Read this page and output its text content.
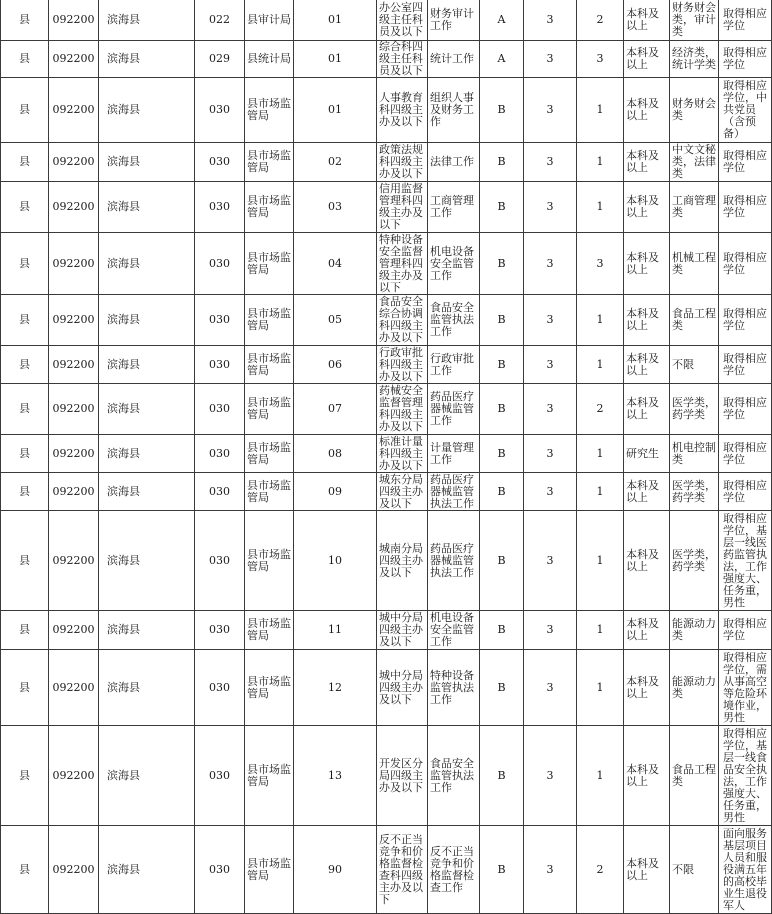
县	092200	滨海县	022	县审计局	01	办公室四级主任科员及以下	财务审计工作	A	3	2	本科及以上	财务财会类，审计类	取得相应学位
县	092200	滨海县	029	县统计局	01	综合科四级主任科员及以下	统计工作	A	3	3	本科及以上	经济类，统计学类	取得相应学位
县	092200	滨海县	030	县市场监管局	01	人事教育科四级主办及以下	组织人事及财务工作	B	3	1	本科及以上	财务财会类	取得相应学位，中共党员（含预备）
县	092200	滨海县	030	县市场监管局	02	政策法规科四级主办及以下	法律工作	B	3	1	本科及以上	中文文秘类，法律类	取得相应学位
县	092200	滨海县	030	县市场监管局	03	信用监督管理科四级主办及以下	工商管理工作	B	3	1	本科及以上	工商管理类	取得相应学位
县	092200	滨海县	030	县市场监管局	04	特种设备安全监督管理科四级主办及以下	机电设备安全监管工作	B	3	3	本科及以上	机械工程类	取得相应学位
县	092200	滨海县	030	县市场监管局	05	食品安全综合协调科四级主办及以下	食品安全监管执法工作	B	3	1	本科及以上	食品工程类	取得相应学位
县	092200	滨海县	030	县市场监管局	06	行政审批科四级主办及以下	行政审批工作	B	3	1	本科及以上	不限	取得相应学位
县	092200	滨海县	030	县市场监管局	07	药械安全监督管理科四级主办及以下	药品医疗器械监管工作	B	3	2	本科及以上	医学类，药学类	取得相应学位
县	092200	滨海县	030	县市场监管局	08	标准计量科四级主办及以下	计量管理工作	B	3	1	研究生	机电控制类	取得相应学位
县	092200	滨海县	030	县市场监管局	09	城东分局四级主办及以下	药品医疗器械监管执法工作	B	3	1	本科及以上	医学类，药学类	取得相应学位
县	092200	滨海县	030	县市场监管局	10	城南分局四级主办及以下	药品医疗器械监管执法工作	B	3	1	本科及以上	医学类，药学类	取得相应学位，基层一线医药监管执法，工作强度大、任务重，男性
县	092200	滨海县	030	县市场监管局	11	城中分局四级主办及以下	机电设备安全监管工作	B	3	1	本科及以上	能源动力类	取得相应学位
县	092200	滨海县	030	县市场监管局	12	城中分局四级主办及以下	特种设备监管执法工作	B	3	1	本科及以上	能源动力类	取得相应学位，需从事高空等危险环境作业，男性
县	092200	滨海县	030	县市场监管局	13	开发区分局四级主办及以下	食品安全监管执法工作	B	3	1	本科及以上	食品工程类	取得相应学位，基层一线食品安全执法，工作强度大、任务重，男性
县	092200	滨海县	030	县市场监管局	90	反不正当竞争和价格监督检查科四级主办及以下	反不正当竞争和价格监督检查工作	B	3	2	本科及以上	不限	面向服务基层项目人员和服役满五年的高校毕业生退役军人
